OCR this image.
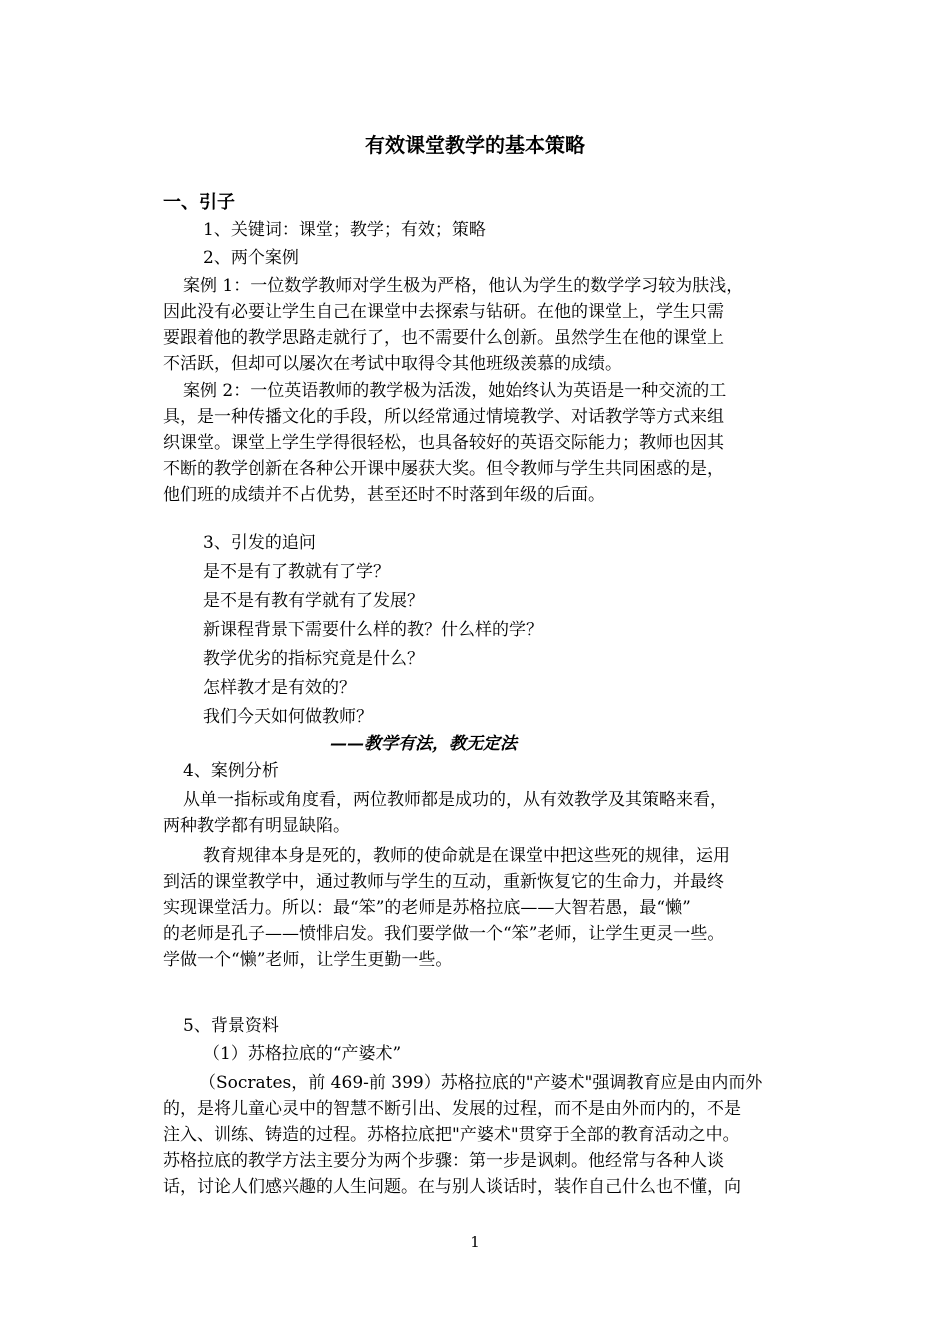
有效课堂教学的基本策略
一、引子
1、关键词：课堂；教学；有效；策略
2、两个案例
案例 1：一位数学教师对学生极为严格，他认为学生的数学学习较为肤浅，
因此没有必要让学生自己在课堂中去探索与钻研。在他的课堂上，学生只需
要跟着他的教学思路走就行了，也不需要什么创新。虽然学生在他的课堂上
不活跃，但却可以屡次在考试中取得令其他班级羡慕的成绩。
案例 2：一位英语教师的教学极为活泼，她始终认为英语是一种交流的工
具，是一种传播文化的手段，所以经常通过情境教学、对话教学等方式来组
织课堂。课堂上学生学得很轻松，也具备较好的英语交际能力；教师也因其
不断的教学创新在各种公开课中屡获大奖。但令教师与学生共同困惑的是，
他们班的成绩并不占优势，甚至还时不时落到年级的后面。
3、引发的追问
是不是有了教就有了学？
是不是有教有学就有了发展？
新课程背景下需要什么样的教？什么样的学？
教学优劣的指标究竟是什么？
怎样教才是有效的？
我们今天如何做教师？
——教学有法，教无定法
4、案例分析
从单一指标或角度看，两位教师都是成功的，从有效教学及其策略来看，
两种教学都有明显缺陷。
教育规律本身是死的，教师的使命就是在课堂中把这些死的规律，运用
到活的课堂教学中，通过教师与学生的互动，重新恢复它的生命力，并最终
实现课堂活力。所以：最“笨”的老师是苏格拉底——大智若愚，最“懒”
的老师是孔子——愤悱启发。我们要学做一个“笨”老师，让学生更灵一些。
学做一个“懒”老师，让学生更勤一些。
5、背景资料
（1）苏格拉底的“产婆术”
（Socrates，前 469-前 399）苏格拉底的"产婆术"强调教育应是由内而外
的，是将儿童心灵中的智慧不断引出、发展的过程，而不是由外而内的，不是
注入、训练、铸造的过程。苏格拉底把"产婆术"贯穿于全部的教育活动之中。
苏格拉底的教学方法主要分为两个步骤：第一步是讽刺。他经常与各种人谈
话，讨论人们感兴趣的人生问题。在与别人谈话时，装作自己什么也不懂，向
1
